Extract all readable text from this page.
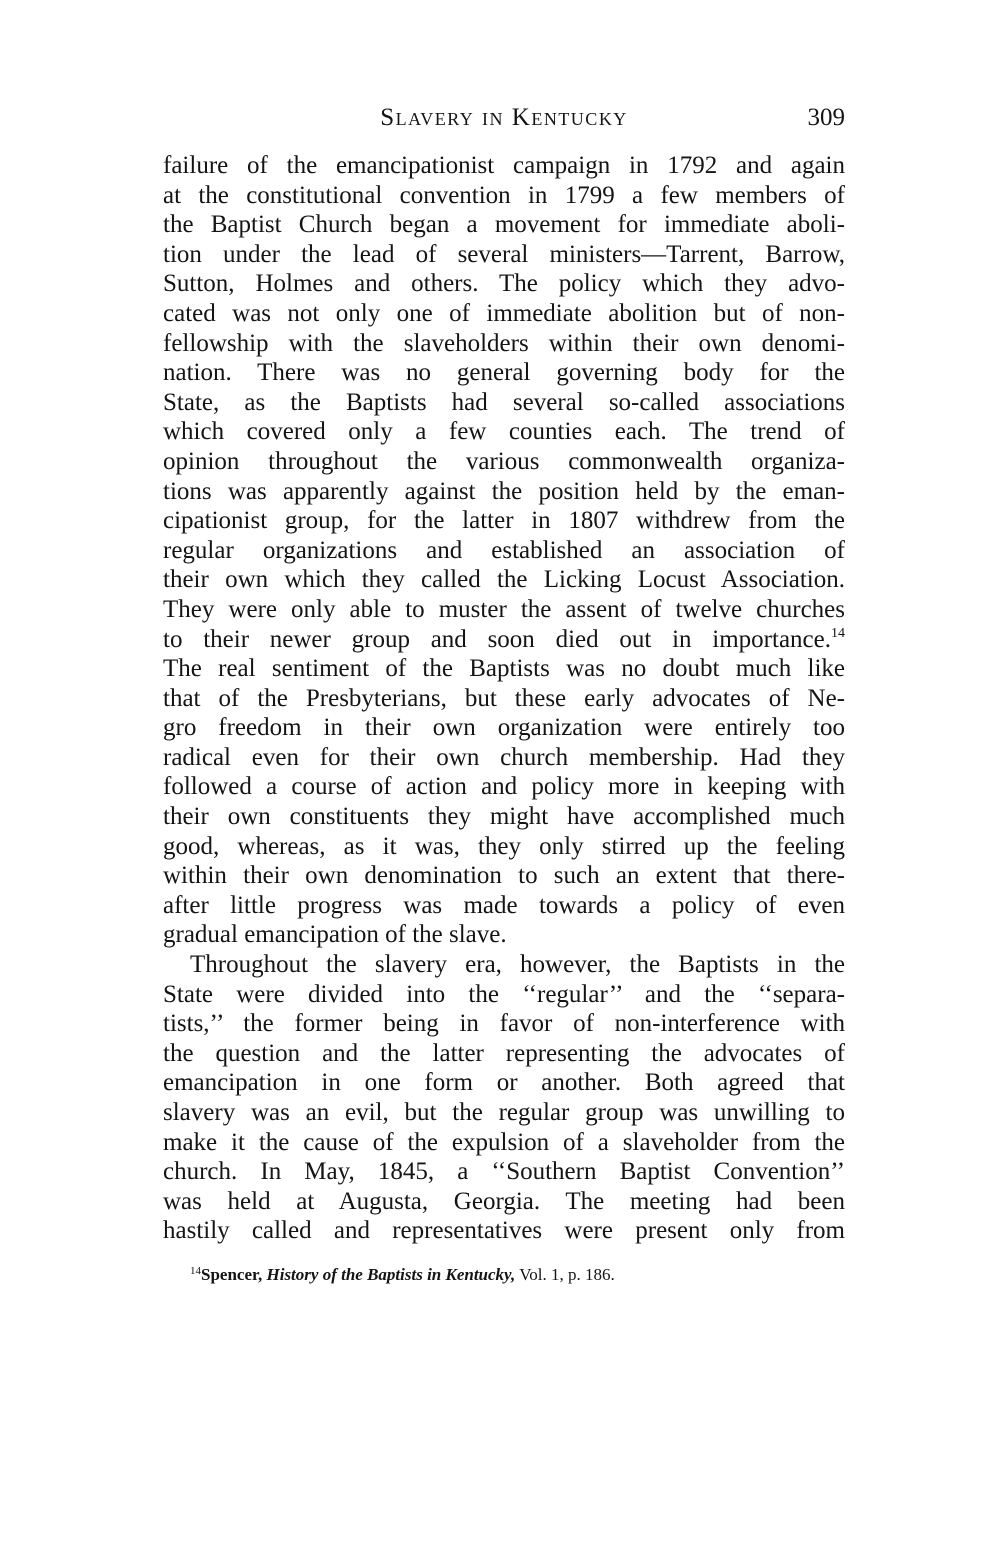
Slavery in Kentucky	309
failure of the emancipationist campaign in 1792 and again
at the constitutional convention in 1799 a few members of
the Baptist Church began a movement for immediate aboli-
tion under the lead of several ministers—Tarrent, Barrow,
Sutton, Holmes and others. The policy which they advo-
cated was not only one of immediate abolition but of non-
fellowship with the slaveholders within their own denomi-
nation. There was no general governing body for the
State, as the Baptists had several so-called associations
which covered only a few counties each. The trend of
opinion throughout the various commonwealth organiza-
tions was apparently against the position held by the eman-
cipationist group, for the latter in 1807 withdrew from the
regular organizations and established an association of
their own which they called the Licking Locust Association.
They were only able to muster the assent of twelve churches
to their newer group and soon died out in importance.$^{14}$
The real sentiment of the Baptists was no doubt much like
that of the Presbyterians, but these early advocates of Ne-
gro freedom in their own organization were entirely too
radical even for their own church membership. Had they
followed a course of action and policy more in keeping with
their own constituents they might have accomplished much
good, whereas, as it was, they only stirred up the feeling
within their own denomination to such an extent that there-
after little progress was made towards a policy of even
gradual emancipation of the slave.
Throughout the slavery era, however, the Baptists in the
State were divided into the ‘‘regular’’ and the ‘‘separa-
tists,’’ the former being in favor of non-interference with
the question and the latter representing the advocates of
emancipation in one form or another. Both agreed that
slavery was an evil, but the regular group was unwilling to
make it the cause of the expulsion of a slaveholder from the
church. In May, 1845, a ‘‘Southern Baptist Convention’’
was held at Augusta, Georgia. The meeting had been
hastily called and representatives were present only from
$^{14}$Spencer, History of the Baptists in Kentucky, Vol. 1, p. 186.
